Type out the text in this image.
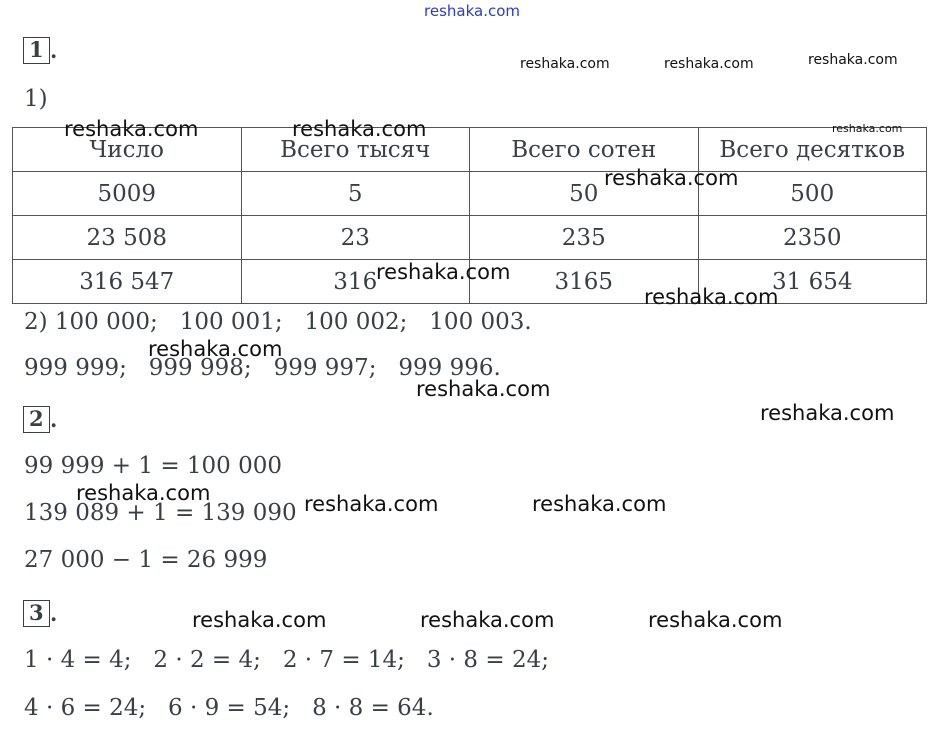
reshaka.com
1 .
1)
Число	Всего тысяч	Всего сотен	Всего десятков
5009	5	50	500
23 508	23	235	2350
316 547	316	3165	31 654
2) 100 000;   100 001;   100 002;   100 003.
999 999;   999 998;   999 997;   999 996.
2 .
99 999 + 1 = 100 000
139 089 + 1 = 139 090
27 000 − 1 = 26 999
3 .
1 · 4 = 4;   2 · 2 = 4;   2 · 7 = 14;   3 · 8 = 24;
4 · 6 = 24;   6 · 9 = 54;   8 · 8 = 64.
reshaka.com	reshaka.com	reshaka.com
reshaka.com	reshaka.com	reshaka.com
reshaka.com
reshaka.com
reshaka.com
reshaka.com
reshaka.com
reshaka.com
reshaka.com	reshaka.com	reshaka.com
reshaka.com	reshaka.com	reshaka.com
